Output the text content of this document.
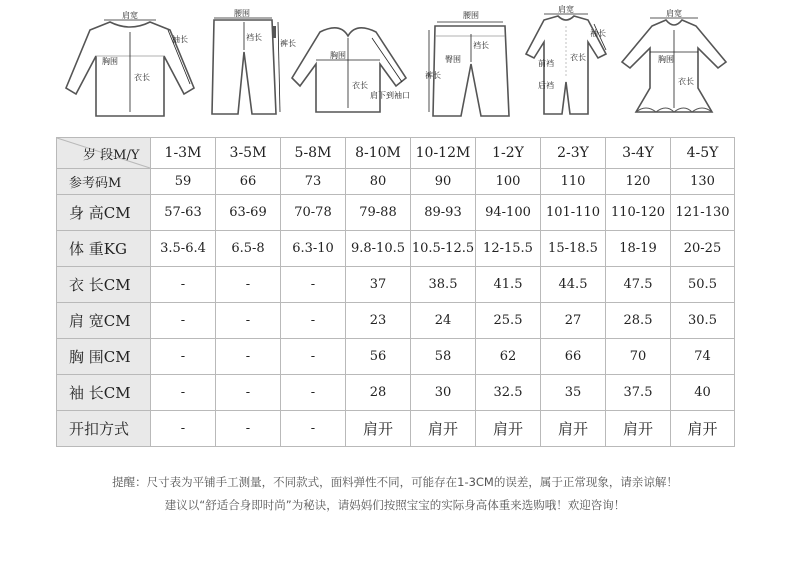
肩宽
袖长
胸围
衣长
腰围
裆长
裤长
胸围
衣长
肩下到袖口
腰围
裆长
臀围
裤长
肩宽
前裆
后裆
袖长
衣长
肩宽
胸围
衣长
岁 段M/Y	1-3M	3-5M	5-8M	8-10M	10-12M	1-2Y	2-3Y	3-4Y	4-5Y
参考码M	59	66	73	80	90	100	110	120	130
身 高CM	57-63	63-69	70-78	79-88	89-93	94-100	101-110	110-120	121-130
体 重KG	3.5-6.4	6.5-8	6.3-10	9.8-10.5	10.5-12.5	12-15.5	15-18.5	18-19	20-25
衣 长CM	-	-	-	37	38.5	41.5	44.5	47.5	50.5
肩 宽CM	-	-	-	23	24	25.5	27	28.5	30.5
胸 围CM	-	-	-	56	58	62	66	70	74
袖 长CM	-	-	-	28	30	32.5	35	37.5	40
开扣方式	-	-	-	肩开	肩开	肩开	肩开	肩开	肩开
提醒：尺寸表为平铺手工测量，不同款式，面料弹性不同，可能存在1-3CM的误差，属于正常现象，请亲谅解！
建议以“舒适合身即时尚”为秘诀，请妈妈们按照宝宝的实际身高体重来选购哦！欢迎咨询！
